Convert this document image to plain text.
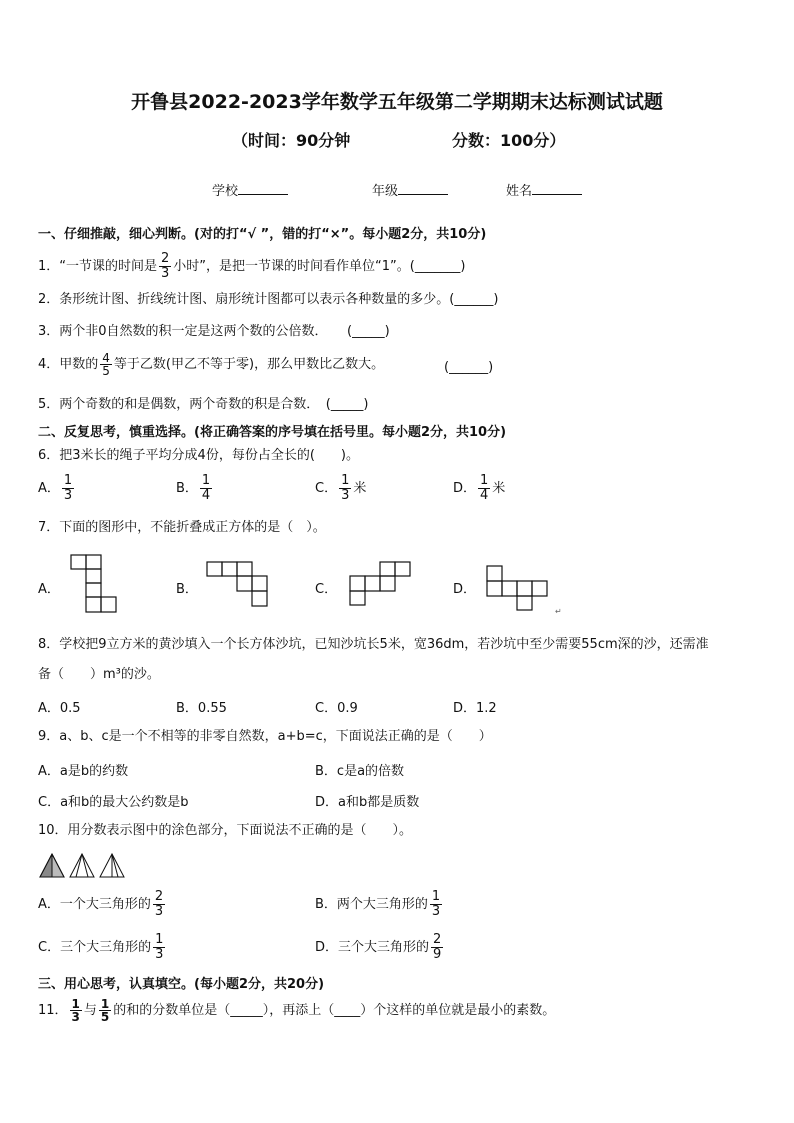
开鲁县2022-2023学年数学五年级第二学期期末达标测试试题
（时间：90分钟	分数：100分）
学校	年级	姓名
一、仔细推敲，细心判断。(对的打“√ ”，错的打“×”。每小题2分，共10分)
1．“一节课的时间是 $\frac{2}{3}$ 小时”，是把一节课的时间看作单位“1”。(_______)
2．条形统计图、折线统计图、扇形统计图都可以表示各种数量的多少。(______)
3．两个非0自然数的积一定是这两个数的公倍数．　　(_____)
4．甲数的 $\frac{4}{5}$ 等于乙数(甲乙不等于零)，那么甲数比乙数大。	(______)
5．两个奇数的和是偶数，两个奇数的积是合数．　(_____)
二、反复思考，慎重选择。(将正确答案的序号填在括号里。每小题2分，共10分)
6．把3米长的绳子平均分成4份，每份占全长的(　　)。
A． $\frac{1}{3}$	B． $\frac{1}{4}$	C． $\frac{1}{3}$ 米	D． $\frac{1}{4}$ 米
7．下面的图形中，不能折叠成正方体的是（　）。
A．	B．	C．	D．
↵
8．学校把9立方米的黄沙填入一个长方体沙坑，已知沙坑长5米，宽36dm，若沙坑中至少需要55cm深的沙，还需准
备（　　）m³的沙。
A．0.5	B．0.55	C．0.9	D．1.2
9．a、b、c是一个不相等的非零自然数，a+b=c，下面说法正确的是（　　）
A．a是b的约数	B．c是a的倍数
C．a和b的最大公约数是b	D．a和b都是质数
10．用分数表示图中的涂色部分，下面说法不正确的是（　　）。
A．一个大三角形的 $\frac{2}{3}$	B．两个大三角形的 $\frac{1}{3}$
C．三个大三角形的 $\frac{1}{3}$	D．三个大三角形的 $\frac{2}{9}$
三、用心思考，认真填空。(每小题2分，共20分)
11． $\frac{1}{3}$ 与 $\frac{1}{5}$ 的和的分数单位是（_____），再添上（____）个这样的单位就是最小的素数。
